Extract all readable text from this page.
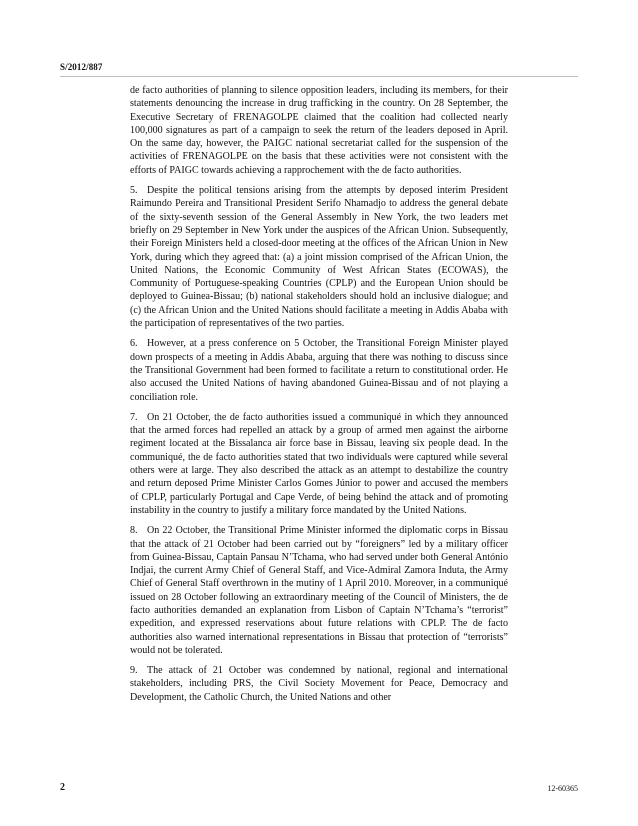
S/2012/887

de facto authorities of planning to silence opposition leaders, including its members, for their statements denouncing the increase in drug trafficking in the country. On 28 September, the Executive Secretary of FRENAGOLPE claimed that the coalition had collected nearly 100,000 signatures as part of a campaign to seek the return of the leaders deposed in April. On the same day, however, the PAIGC national secretariat called for the suspension of the activities of FRENAGOLPE on the basis that these activities were not consistent with the efforts of PAIGC towards achieving a rapprochement with the de facto authorities.

5. Despite the political tensions arising from the attempts by deposed interim President Raimundo Pereira and Transitional President Serifo Nhamadjo to address the general debate of the sixty-seventh session of the General Assembly in New York, the two leaders met briefly on 29 September in New York under the auspices of the African Union. Subsequently, their Foreign Ministers held a closed-door meeting at the offices of the African Union in New York, during which they agreed that: (a) a joint mission comprised of the African Union, the United Nations, the Economic Community of West African States (ECOWAS), the Community of Portuguese-speaking Countries (CPLP) and the European Union should be deployed to Guinea-Bissau; (b) national stakeholders should hold an inclusive dialogue; and (c) the African Union and the United Nations should facilitate a meeting in Addis Ababa with the participation of representatives of the two parties.

6. However, at a press conference on 5 October, the Transitional Foreign Minister played down prospects of a meeting in Addis Ababa, arguing that there was nothing to discuss since the Transitional Government had been formed to facilitate a return to constitutional order. He also accused the United Nations of having abandoned Guinea-Bissau and of not playing a conciliation role.

7. On 21 October, the de facto authorities issued a communiqué in which they announced that the armed forces had repelled an attack by a group of armed men against the airborne regiment located at the Bissalanca air force base in Bissau, leaving six people dead. In the communiqué, the de facto authorities stated that two individuals were captured while several others were at large. They also described the attack as an attempt to destabilize the country and return deposed Prime Minister Carlos Gomes Júnior to power and accused the members of CPLP, particularly Portugal and Cape Verde, of being behind the attack and of promoting instability in the country to justify a military force mandated by the United Nations.

8. On 22 October, the Transitional Prime Minister informed the diplomatic corps in Bissau that the attack of 21 October had been carried out by “foreigners” led by a military officer from Guinea-Bissau, Captain Pansau N’Tchama, who had served under both General António Indjai, the current Army Chief of General Staff, and Vice-Admiral Zamora Induta, the Army Chief of General Staff overthrown in the mutiny of 1 April 2010. Moreover, in a communiqué issued on 28 October following an extraordinary meeting of the Council of Ministers, the de facto authorities demanded an explanation from Lisbon of Captain N’Tchama’s “terrorist” expedition, and expressed reservations about future relations with CPLP. The de facto authorities also warned international representations in Bissau that protection of “terrorists” would not be tolerated.

9. The attack of 21 October was condemned by national, regional and international stakeholders, including PRS, the Civil Society Movement for Peace, Democracy and Development, the Catholic Church, the United Nations and other

2	12-60365
